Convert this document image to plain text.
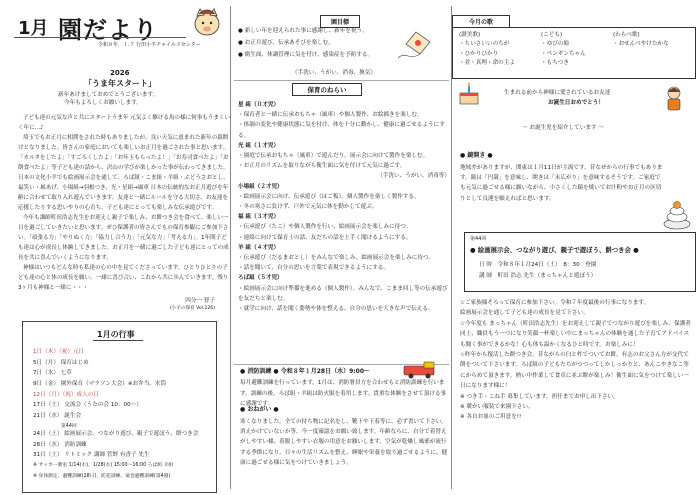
1月 園だより
令和８年．１.７ 行田小羊チャイルドセンター
2026
「うま年スタート」
新年あけましておめでとうございます。
今年もよろしくお願いします。

子ども達の元気な声と共にスタートうま年 元気よく駆ける馬の様に何事もうまくいく年に…♪

埼玉でもお正月に相撲をされた時もありましたが、良い天気に恵まれた新年の幕開けとなりました。皆さんの家庭においても楽しいお正月を過ごされた事と思います。「カルタをしたよ」「すごろくしたよ」「お年玉もらったよ！」「お寿司食べたよ」「お餅食べたよ」等子ども達の話から、沢山の学びが楽しかった事が伝わってきました。日本の文化小羊でも絵画展示会を通して、ろば組・こま組・羊組・ぶどうさおとし、福笑い・凧あげ、小場組→羽根つき、光・星組→風車 日本の伝統的なお正月遊びを年齢に合わせて取り入れ遊んでいきます。友達と一緒にルールを守る大切さ、お友達を応援したりする思いやりの心育ち、子ども達にとっても楽しみな伝承遊びです。

今年も講師町田浩志先生をお迎えし親子で楽しみ、お餅つき会を食べて、楽しい一日を過ごしていきたいと思います。ぜひ保護者の皆さんでもの保育参観にご参加下さい。「頑張る力」「やりぬく力」「協力し合う力」「元気な力」「考える力」。1年間子ども達は心が成長し体験してきました。お正月を一緒に過ごした子ども達にとっての成長を共に喜んでいくようになります。

神様はいつもどんな時も私達の心の中を見てくださっています。ひとりひとりの子ども達の心と体の成長を願い、一緒に喜び合い、これから共に歩んでいきます。残り3ヶ月も神様と一緒に・・・

四分一 智子
(小羊の保育 Vol.226)
1月の行事
1日（木）（祝）元日
5日（月） 保育はじめ
7日（水） 七草
9日（金） 園外保育（マラソン大会）※お弁当、水筒
12日（月）（祝）成人の日
17日（土） 交流会（うたの会 10：00〜）
21日（水） 誕生会
第44回
24日（土） 絵画展示会、つながり遊び、親子で遊ぼう、餅つき会
28日（水） 消防訓練
31日（土） リトミック 講師 菅野 有香子 先生
※ サッカー教室 1/14(水)、1/28(水) 15:00〜16:00 ろば組 羊組
※ 身体測定、避難訓練(28日)、防犯訓練、竜巻避難訓練(第4週)
園目標
● 新しい年を迎えられた事に感謝し、新年を祝う。
● お正月遊び、伝承あそびを楽しむ。
● 衛生面、体調管理に気を付け、感染症を予防する。
（手洗い、うがい、消毒、換気）
保育のねらい
星 組（０才児）
・保育者と一緒に伝承おもちゃ（風車）や個人製作、お絵描きを楽しむ。
・体調の変化や健康状態に気を付け、体を十分に動かし、健康に過ごせるようにする。
光 組（１才児）
・園庭で伝承おもちゃ（風車）で遊んだり、展示会に向けて製作を楽しむ。
・お正月のリズムを取りながら衛生面に気を付けて元気に過ごす。
（手洗い、うがい、消毒等）
小場組（２才児）
・絵画展示会に向け、伝承遊び（はご板）、個人製作を楽しく製作する。
・冬の寒さに負けず、戸外で元気に体を動かして遊ぶ。
福 組（３才児）
・伝承遊び（たこ）や個人製作を行い、絵画展示会を楽しみに待つ。
・連絡に向けて保育士の話、友だちの話を上手く聞けるようにする。
羊 組（４才児）
・伝承遊び（だるまおとし）をみんなで楽しみ、絵画展示会を楽しみに待つ。
・話を聞いて、自分の思いを言葉で表現できるようにする。
ろば組（５才児）
・絵画展示会に向け準備を進める（個人製作）。みんなで、こまま回し等の伝承遊びを友だちと楽しむ。
・就学に向け、話を聞く姿勢や体を整える。自分の思いを大きな声で伝える。
● 消防訓練 ● 令和８年１月28日（水）9:00〜
毎月避難訓練を行っています。1月は、消防署員方を合わせもと消防訓練を行います。訓練の後、ろば組・羊組は防火服を着用します。貴重な体験をさせて頂ける事に感謝です。
● おねがい ●
寒くなりました。全ての持ち物に記名をし、靴下や下着等に、必ず書いて下さい。消えかけていないか等、今一度確認をお願い致します。年齢ならに、自分で着替えがしやすい様、着脱しやすい衣服の用意をお願いします。空気が乾燥し風邪が流行する季節になり、日々の生活リズムを整え、睡眠や栄養を取り過ごせるように、健康に過ごせる様に気をつけていきましょう。
今月の歌
(讃美歌)
・ちいさいいのちが
・ひかりひかり
・並・真理・命の主よ
(こども)
・ゆびの姫
・ペンギンちゃん
・もちつき
(わらべ歌)
・おせんべやけたかな
生まれる前から神様に愛されているお友達
お誕生日おめでとう！
〜 お誕生児を紹介しています 〜
● 鏡開き ●
地域差がありますが、関東は１月11日が主流です。昔なぜからの行事でもあります。鏡は「円満」を意味し、開きは「末広がり」を意味するそうです。ご家庭でも元気に過ごせる様に願いながら、小さくした鏡を焼いてお汁粉やお正月の区切りとして良運を願えればと思います。
第44回
● 絵画展示会、つながり遊び、親子で遊ぼう、餅つき会 ●
日 時　令和８年１月24日（土）　8：30　登園
講 師　町田 浩志 先生（まっちゃんと遊ぼう）

☆ご家族様そろって保育に参加下さい。令和７年度最後の行事になります。

絵画展示会を通して子ども達の成長を見て下さい。

☆今年度も まっちゃん（町田浩志先生）をお迎えして親子でつながり遊びを楽しみ、保護者同士、職員もう一つになり笑顔一杯楽しい中にまっちゃんの体験を通した子育てアドバイスも聞く事ができるかな！心も体も温かくなるひと時です。お楽しみに！

☆昨年から復活した餅つき会。昔ながらの臼と杵でついてお餅。有志のお父さん方が交代で餅をついて下さいます。ろば組の子どもたちがつつってしかしっかりと、あんこやきなこ等にからめて頂きます。熱い中作業して食卓に並ぶ餅が楽しみ！衛生面に気をつけて楽しい一日になります様に！

※ つき手・こね手 募集しています。担任までお申し出下さい。

※ 暖かい服装で来園下さい。

※ 各自お皿のご用意を!!
